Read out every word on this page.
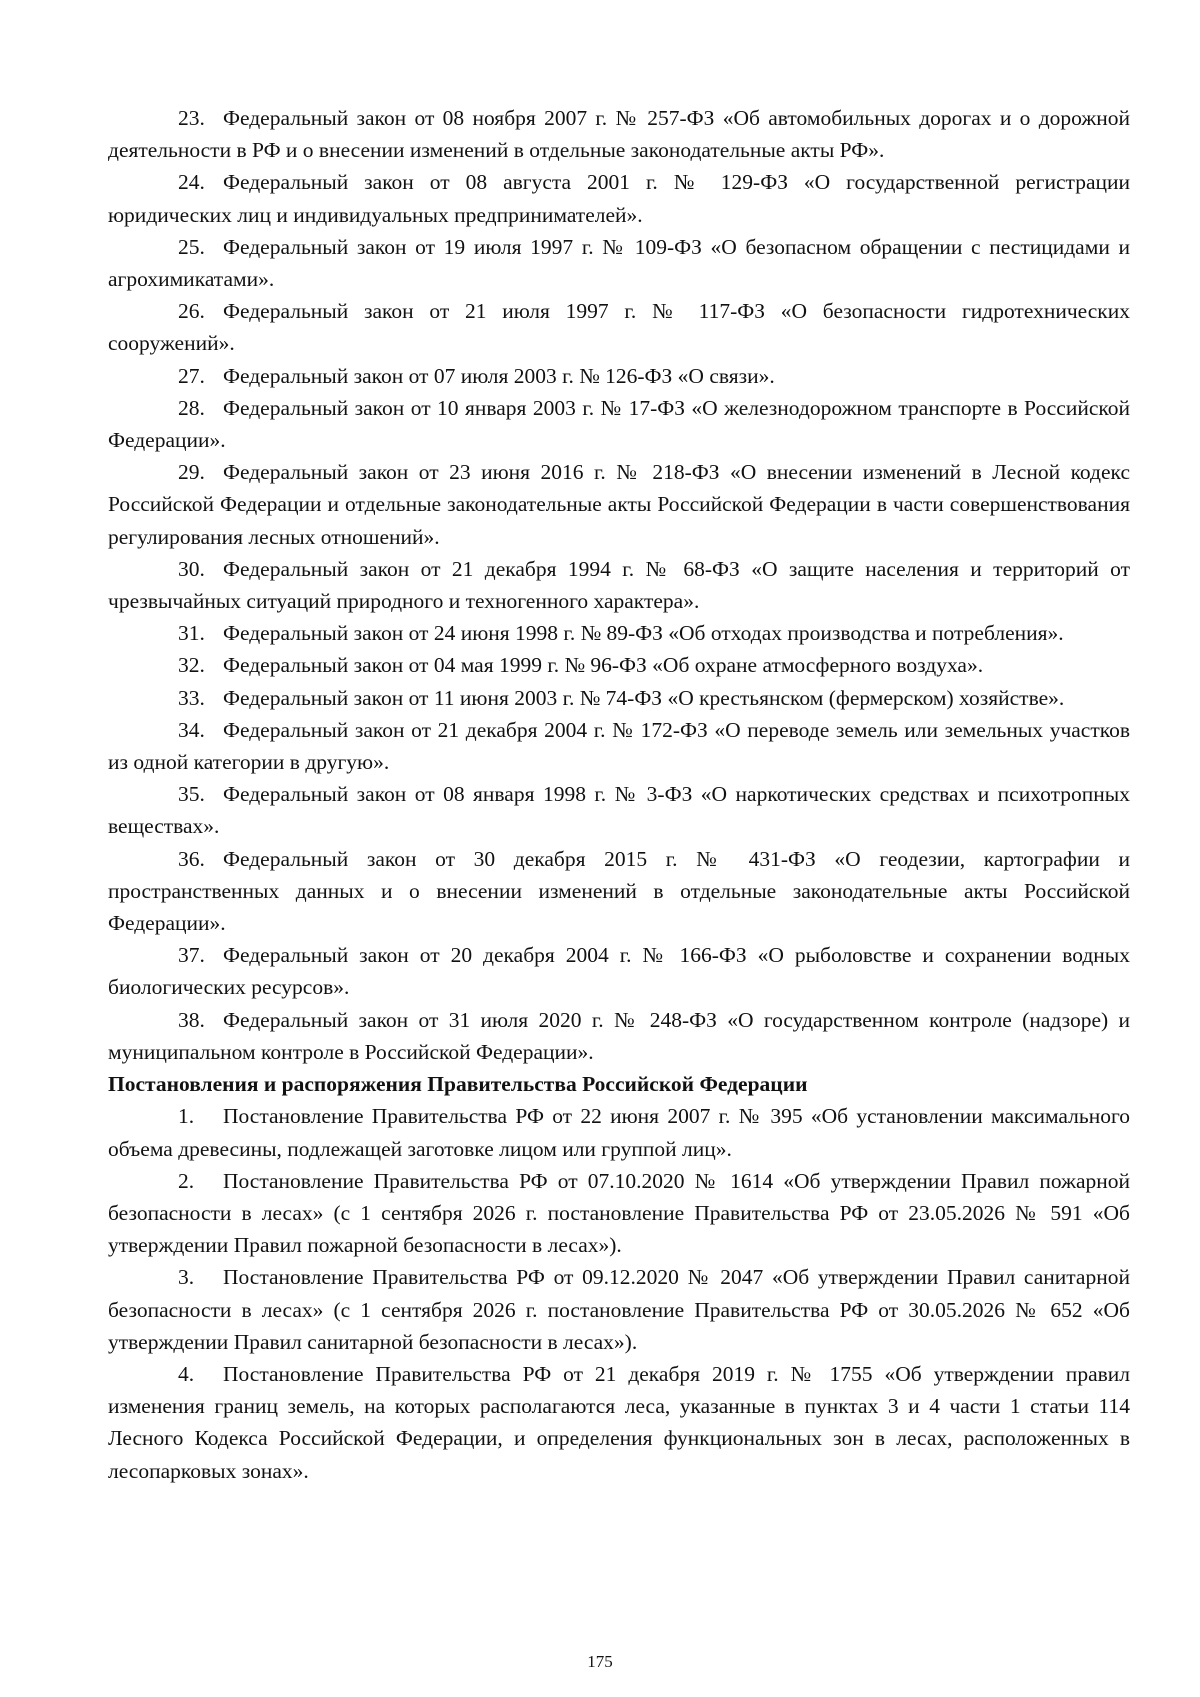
23. Федеральный закон от 08 ноября 2007 г. № 257-ФЗ «Об автомобильных дорогах и о дорожной деятельности в РФ и о внесении изменений в отдельные законодательные акты РФ».

24. Федеральный закон от 08 августа 2001 г. № 129-ФЗ «О государственной регистрации юридических лиц и индивидуальных предпринимателей».

25. Федеральный закон от 19 июля 1997 г. № 109-ФЗ «О безопасном обращении с пестицидами и агрохимикатами».

26. Федеральный закон от 21 июля 1997 г. № 117-ФЗ «О безопасности гидротехнических сооружений».

27. Федеральный закон от 07 июля 2003 г. № 126-ФЗ «О связи».

28. Федеральный закон от 10 января 2003 г. № 17-ФЗ «О железнодорожном транспорте в Российской Федерации».

29. Федеральный закон от 23 июня 2016 г. № 218-ФЗ «О внесении изменений в Лесной кодекс Российской Федерации и отдельные законодательные акты Российской Федерации в части совершенствования регулирования лесных отношений».

30. Федеральный закон от 21 декабря 1994 г. № 68-ФЗ «О защите населения и территорий от чрезвычайных ситуаций природного и техногенного характера».

31. Федеральный закон от 24 июня 1998 г. № 89-ФЗ «Об отходах производства и потребления».

32. Федеральный закон от 04 мая 1999 г. № 96-ФЗ «Об охране атмосферного воздуха».

33. Федеральный закон от 11 июня 2003 г. № 74-ФЗ «О крестьянском (фермерском) хозяйстве».

34. Федеральный закон от 21 декабря 2004 г. № 172-ФЗ «О переводе земель или земельных участков из одной категории в другую».

35. Федеральный закон от 08 января 1998 г. № 3-ФЗ «О наркотических средствах и психотропных веществах».

36. Федеральный закон от 30 декабря 2015 г. № 431-ФЗ «О геодезии, картографии и пространственных данных и о внесении изменений в отдельные законодательные акты Российской Федерации».

37. Федеральный закон от 20 декабря 2004 г. № 166-ФЗ «О рыболовстве и сохранении водных биологических ресурсов».

38. Федеральный закон от 31 июля 2020 г. № 248-ФЗ «О государственном контроле (надзоре) и муниципальном контроле в Российской Федерации».

Постановления и распоряжения Правительства Российской Федерации

1. Постановление Правительства РФ от 22 июня 2007 г. № 395 «Об установлении максимального объема древесины, подлежащей заготовке лицом или группой лиц».

2. Постановление Правительства РФ от 07.10.2020 № 1614 «Об утверждении Правил пожарной безопасности в лесах» (с 1 сентября 2026 г. постановление Правительства РФ от 23.05.2026 № 591 «Об утверждении Правил пожарной безопасности в лесах»).

3. Постановление Правительства РФ от 09.12.2020 № 2047 «Об утверждении Правил санитарной безопасности в лесах» (с 1 сентября 2026 г. постановление Правительства РФ от 30.05.2026 № 652 «Об утверждении Правил санитарной безопасности в лесах»).

4. Постановление Правительства РФ от 21 декабря 2019 г. № 1755 «Об утверждении правил изменения границ земель, на которых располагаются леса, указанные в пунктах 3 и 4 части 1 статьи 114 Лесного Кодекса Российской Федерации, и определения функциональных зон в лесах, расположенных в лесопарковых зонах».

175
